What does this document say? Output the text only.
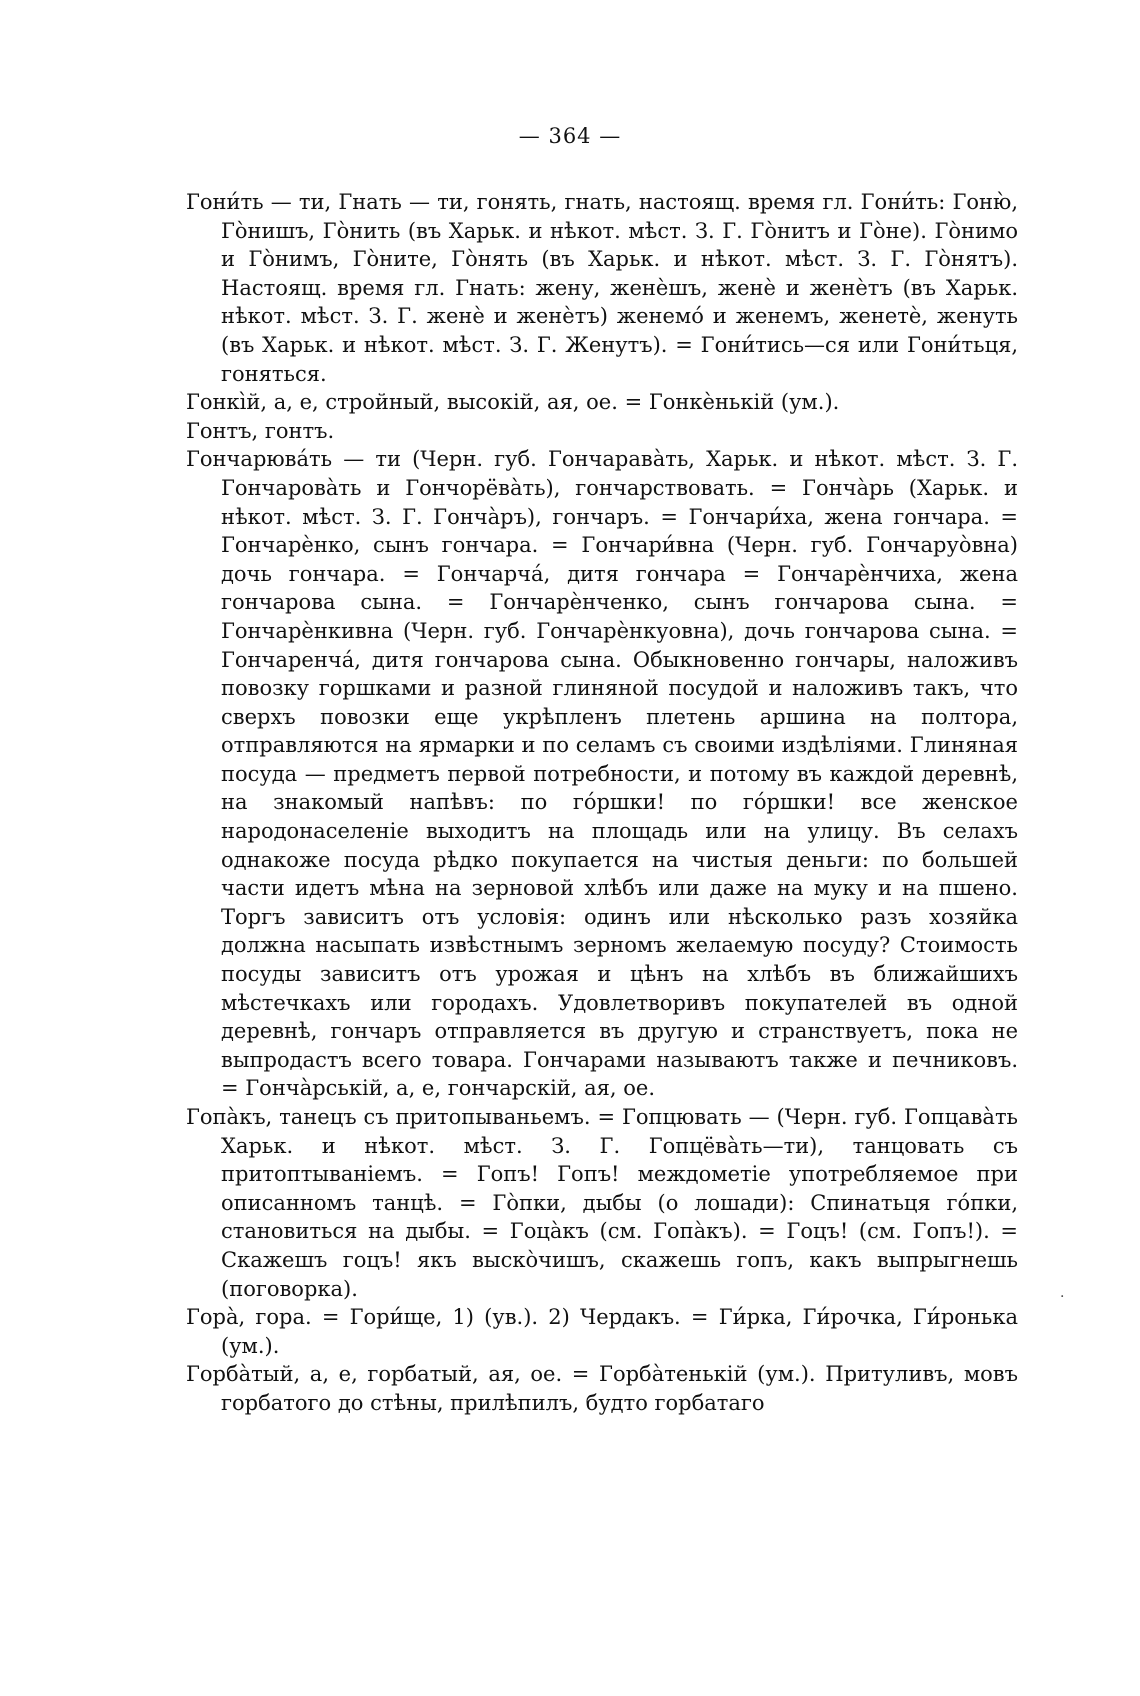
— 364 —

Гони́ть — ти, Гнать — ти, гонять, гнать, настоящ. время гл. Гони́ть: Гоню̀, Гòнишъ, Гòнить (въ Харьк. и нѣкот. мѣст. З. Г. Гòнитъ и Гòне). Гòнимо и Гòнимъ, Гòните, Гòнять (въ Харьк. и нѣкот. мѣст. З. Г. Гòнятъ). Настоящ. время гл. Гнать: жену, женèшъ, женè и женèтъ (въ Харьк. нѣкот. мѣст. З. Г. женè и женèтъ) женемó и женемъ, женетè, женуть (въ Харьк. и нѣкот. мѣст. З. Г. Женутъ). = Гони́тись—ся или Гони́тьця, гоняться.

Гонкі̀й, а, е, стройный, высокій, ая, ое. = Гонкèнькій (ум.).

Гонтъ, гонтъ.

Гончарюва́ть — ти (Черн. губ. Гончаравàть, Харьк. и нѣкот. мѣст. З. Г. Гончаровàть и Гончорёвàть), гончарствовать. = Гончàрь (Харьк. и нѣкот. мѣст. З. Г. Гончàръ), гончаръ. = Гончари́ха, жена гончара. = Гончарèнко, сынъ гончара. = Гончари́вна (Черн. губ. Гончаруòвна) дочь гончара. = Гончарчá, дитя гончара = Гончарèнчиха, жена гончарова сына. = Гончарèнченко, сынъ гончарова сына. = Гончарèнкивна (Черн. губ. Гончарèнкуовна), дочь гончарова сына. = Гончаренчá, дитя гончарова сына. Обыкновенно гончары, наложивъ повозку горшками и разной глиняной посудой и наложивъ такъ, что сверхъ повозки еще укрѣпленъ плетень аршина на полтора, отправляются на ярмарки и по селамъ съ своими издѣліями. Глиняная посуда — предметъ первой потребности, и потому въ каждой деревнѣ, на знакомый напѣвъ: по гóршки! по гóршки! все женское народонаселеніе выходитъ на площадь или на улицу. Въ селахъ однакоже посуда рѣдко покупается на чистыя деньги: по большей части идетъ мѣна на зерновой хлѣбъ или даже на муку и на пшено. Торгъ зависитъ отъ условія: одинъ или нѣсколько разъ хозяйка должна насыпать извѣстнымъ зерномъ желаемую посуду? Стоимость посуды зависитъ отъ урожая и цѣнъ на хлѣбъ въ ближайшихъ мѣстечкахъ или городахъ. Удовлетворивъ покупателей въ одной деревнѣ, гончаръ отправляется въ другую и странствуетъ, пока не выпродастъ всего товара. Гончарами называютъ также и печниковъ. = Гончàрській, а, е, гончарскій, ая, ое.

Гопàкъ, танецъ съ притопываньемъ. = Гопцювать — (Черн. губ. Гопцавàть Харьк. и нѣкот. мѣст. З. Г. Гопцёвàть—ти), танцовать съ притоптываніемъ. = Гопъ! Гопъ! междометіе употребляемое при описанномъ танцѣ. = Гòпки, дыбы (о лошади): Спинатьця гóпки, становиться на дыбы. = Гоцàкъ (см. Гопàкъ). = Гоцъ! (см. Гопъ!). = Скажешъ гоцъ! якъ выскòчишъ, скажешь гопъ, какъ выпрыгнешь (поговорка).

Горà, гора. = Гори́ще, 1) (ув.). 2) Чердакъ. = Ги́рка, Ги́рочка, Ги́ронька (ум.).

Горбàтый, а, е, горбатый, ая, ое. = Горбàтенькій (ум.). Притуливъ, мовъ горбатого до стѣны, прилѣпилъ, будто горбатаго

·
